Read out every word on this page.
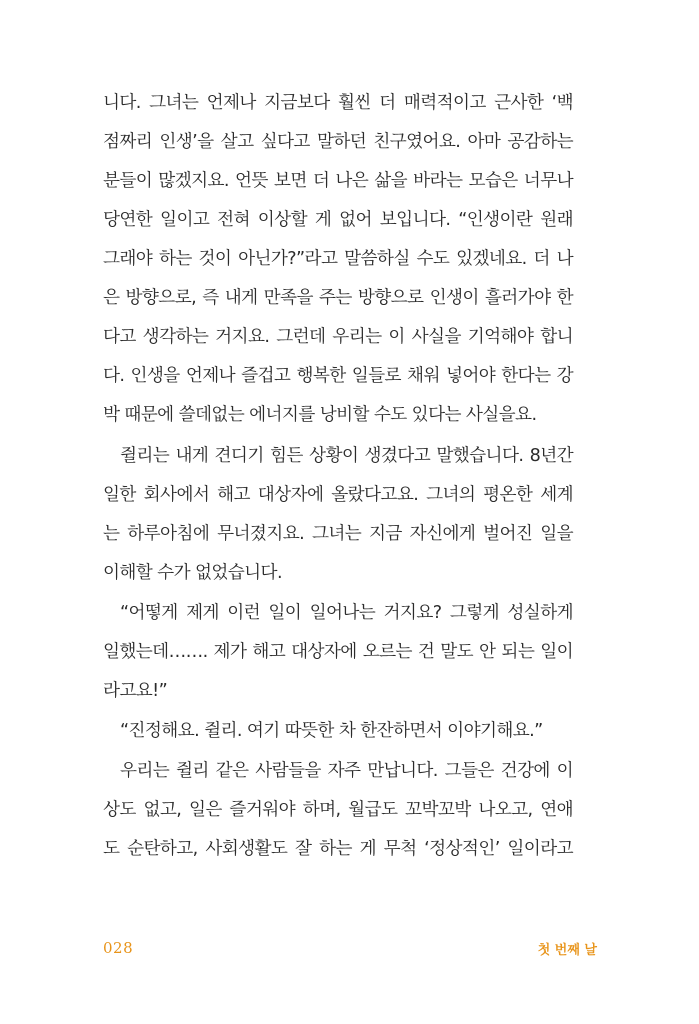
니다. 그녀는 언제나 지금보다 훨씬 더 매력적이고 근사한 ‘백
점짜리 인생’을 살고 싶다고 말하던 친구였어요. 아마 공감하는
분들이 많겠지요. 언뜻 보면 더 나은 삶을 바라는 모습은 너무나
당연한 일이고 전혀 이상할 게 없어 보입니다. “인생이란 원래
그래야 하는 것이 아닌가?”라고 말씀하실 수도 있겠네요. 더 나
은 방향으로, 즉 내게 만족을 주는 방향으로 인생이 흘러가야 한
다고 생각하는 거지요. 그런데 우리는 이 사실을 기억해야 합니
다. 인생을 언제나 즐겁고 행복한 일들로 채워 넣어야 한다는 강
박 때문에 쓸데없는 에너지를 낭비할 수도 있다는 사실을요.
쥘리는 내게 견디기 힘든 상황이 생겼다고 말했습니다. 8년간
일한 회사에서 해고 대상자에 올랐다고요. 그녀의 평온한 세계
는 하루아침에 무너졌지요. 그녀는 지금 자신에게 벌어진 일을
이해할 수가 없었습니다.
“어떻게 제게 이런 일이 일어나는 거지요? 그렇게 성실하게
일했는데……. 제가 해고 대상자에 오르는 건 말도 안 되는 일이
라고요!”
“진정해요. 쥘리. 여기 따뜻한 차 한잔하면서 이야기해요.”
우리는 쥘리 같은 사람들을 자주 만납니다. 그들은 건강에 이
상도 없고, 일은 즐거워야 하며, 월급도 꼬박꼬박 나오고, 연애
도 순탄하고, 사회생활도 잘 하는 게 무척 ‘정상적인’ 일이라고
028	첫 번째 날
